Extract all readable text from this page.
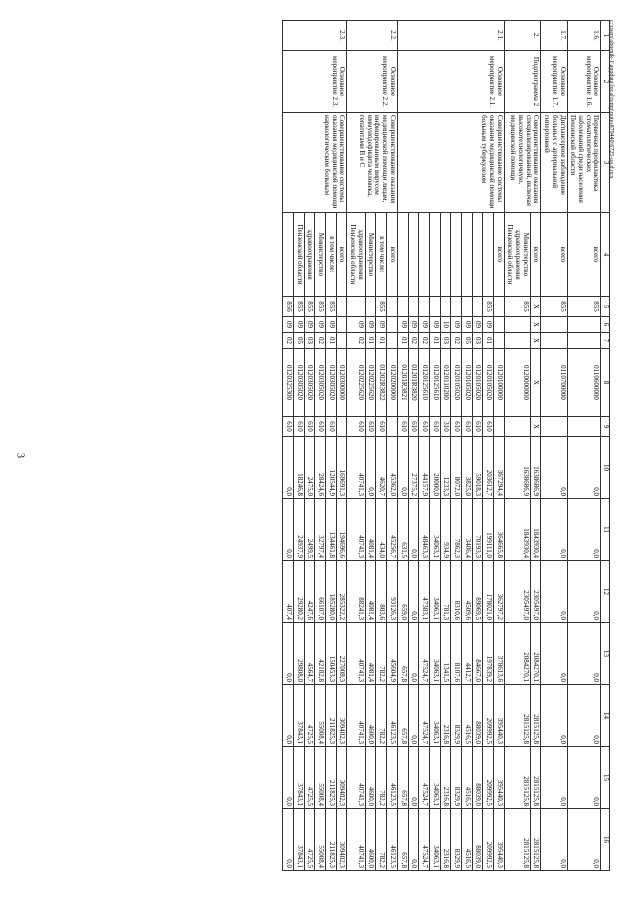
3
1	2	3	4	5	6	7	8	9	10	11	12	13	14	15	16
1.6.	Основное мероприятие 1.6.	Первичная профилактика стоматологических заболеваний среди населения Пензенской области	всего	855			0110600000		0,0	0,0	0,0	0,0	0,0	0,0	0,0
1.7.	Основное мероприятие 1.7.	Диспансерное наблюдение больных с артериальной гипертонией	всего	855			0110700000		0,0	0,0	0,0	0,0	0,0	0,0	0,0
2.	Подпрограмма 2	Совершенствование оказания специализированной, включая высокотехнологичную, медицинской помощи	всего	X	X	X	X	X	1638686,9	1843930,4	2305497,0	2084270,1	2815125,8	2815125,8	2815125,8
			Министерство здравоохранения Пензенской области	855			0120000000		1638686,9	1843930,4	2305497,0	2084270,1	2815125,8	2815125,8	2815125,8
2.1.	Основное мероприятие 2.1.	Совершенствование системы оказания медицинской помощи больным туберкулезом	всего				0120100000		367294,4	364665,8	362797,2	378613,6	395440,3	395440,3	395440,3
				855	09	01	0120105020	610	203612,7	199111,0	178021,0	197839,2	209992,5	209992,5	209992,5
					09	03	0120105020	610	59018,3	70193,3	89069,5	84667,0	88039,0	88039,0	88039,0
					09	05	0120105020	610	3825,0	3406,4	4509,6	4412,7	4516,5	4516,5	4516,5
					09	02	0120105020	610	8072,0	7862,3	8310,6	8107,6	8329,9	8329,9	8329,9
					10	03	0120110200	310	1233,3	934,9	781,3	1341,5	2316,8	2316,8	2316,8
					09	01	0120125610	610	20000,0	34063,1	34063,1	34063,1	34063,1	34063,1	34063,1
					09	02	0120125610	610	44157,9	48463,3	47383,1	47524,7	47524,7	47524,7	47524,7
					09	02	01201R3820	610	27375,2	0,0	0,0	0,0	0,0	0,0	0,0
					09	01	01201R3821	610	0,0	631,5	659,0	657,8	657,8	657,8	657,8
2.2.	Основное мероприятие 2.2.	Совершенствование оказания медицинской помощи лицам, инфицированным вирусом иммунодефицита человека, гепатитами B и C	всего				0120200000		45362,0	45256,7	93126,3	45604,9	46123,5	46123,5	46123,5
			в том числе:	855	09	01	01202R3822	610	4620,7	434,0	803,6	782,2	782,2	782,2	782,2
			Министерство		09	01	0120225620	610	0,0	4081,4	4081,4	4081,4	4600,0	4600,0	4600,0
			здравоохранения Пензенской области		09	02	0120225620	610	40741,3	40741,3	88241,3	40741,3	40741,3	40741,3	40741,3
2.3.	Основное мероприятие 2.3.	Совершенствование системы оказания медицинской помощи наркологическим больным	всего				0120300000		169691,3	194696,6	285322,2	227008,3	309402,3	309402,3	309402,3
			в том числе:	855	09	01	0120305020	610	120544,9	134461,8	185280,0	150453,3	211825,3	211825,3	211825,3
			Министерство	855	09	02	0120305020	610	28424,6	32797,4	66107,0	42182,8	55008,4	55008,4	55008,4
			здравоохранения	855	09	03	0120305020	610	2475,0	2499,5	4247,6	4564,7	4725,5	4725,5	4725,5
			Пензенской области	855	09	05	0120305020	610	18246,8	24937,9	29280,2	29808,0	37843,1	37843,1	37843,1
				856	09	02	0120325300	610	0,0	0,0	407,4	0,0	0,0	0,0	0,0
c:\users\sbornik-1\appdata\local\temp\notes879440\6725-ua.d.ocx
